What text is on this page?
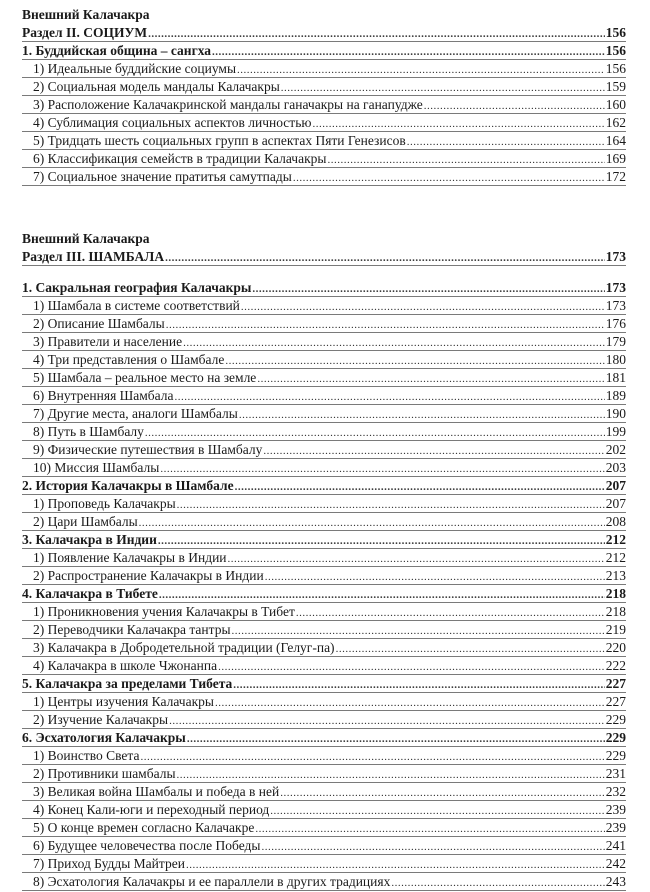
Внешний Калачакра
Раздел II. СОЦИУМ .....	156
1. Буддийская община – сангха .....	156
1) Идеальные буддийские социумы .....	156
2) Социальная модель мандалы Калачакры .....	159
3) Расположение Калачакринской мандалы ганачакры на ганапудже .....	160
4) Сублимация социальных аспектов личностью .....	162
5) Тридцать шесть социальных групп в аспектах Пяти Генезисов .....	164
6) Классификация семейств в традиции Калачакры .....	169
7) Социальное значение пратитья самутпады .....	172
Внешний Калачакра
Раздел III. ШАМБАЛА .....	173
1. Сакральная география Калачакры .....	173
1) Шамбала в системе соответствий .....	173
2) Описание Шамбалы .....	176
3) Правители и население .....	179
4) Три представления о Шамбале .....	180
5) Шамбала – реальное место на земле .....	181
6) Внутренняя Шамбала .....	189
7) Другие места, аналоги Шамбалы .....	190
8) Путь в Шамбалу .....	199
9) Физические путешествия в Шамбалу .....	202
10) Миссия Шамбалы .....	203
2. История Калачакры в Шамбале .....	207
1) Проповедь Калачакры .....	207
2) Цари Шамбалы .....	208
3. Калачакра в Индии .....	212
1) Появление Калачакры в Индии .....	212
2) Распространение Калачакры в Индии .....	213
4. Калачакра в Тибете .....	218
1) Проникновения учения Калачакры в Тибет .....	218
2) Переводчики Калачакра тантры .....	219
3) Калачакра в Добродетельной традиции (Гелуг-па) .....	220
4) Калачакра в школе Чжонанпа .....	222
5. Калачакра за пределами Тибета .....	227
1) Центры изучения Калачакры .....	227
2) Изучение Калачакры .....	229
6. Эсхатология Калачакры .....	229
1) Воинство Света .....	229
2) Противники шамбалы .....	231
3) Великая война Шамбалы и победа в ней .....	232
4) Конец Кали-юги и переходный период .....	239
5) О конце времен согласно Калачакре .....	239
6) Будущее человечества после Победы .....	241
7) Приход Будды Майтреи .....	242
8) Эсхатология Калачакры и ее параллели в других традициях .....	243
